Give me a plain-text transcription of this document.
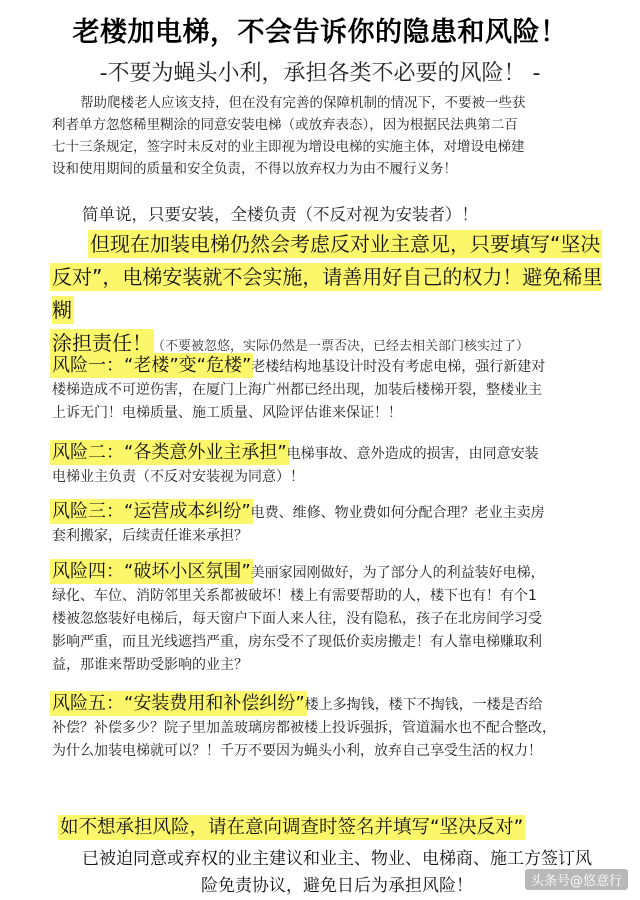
老楼加电梯，不会告诉你的隐患和风险！
-不要为蝇头小利，承担各类不必要的风险！ -
帮助爬楼老人应该支持，但在没有完善的保障机制的情况下，不要被一些获
利者单方忽悠稀里糊涂的同意安装电梯（或放弃表态），因为根据民法典第二百
七十三条规定，签字时未反对的业主即视为增设电梯的实施主体，对增设电梯建
设和使用期间的质量和安全负责，不得以放弃权力为由不履行义务！
简单说，只要安装，全楼负责（不反对视为安装者）！
但现在加装电梯仍然会考虑反对业主意见，只要填写“坚决
反对”，电梯安装就不会实施，请善用好自己的权力！避免稀里糊
涂担责任！（不要被忽悠，实际仍然是一票否决，已经去相关部门核实过了）
风险一：“老楼”变“危楼”老楼结构地基设计时没有考虑电梯，强行新建对
楼梯造成不可逆伤害，在厦门上海广州都已经出现，加装后楼梯开裂，整楼业主
上诉无门！电梯质量、施工质量、风险评估谁来保证！！
风险二：“各类意外业主承担”电梯事故、意外造成的损害，由同意安装
电梯业主负责（不反对安装视为同意）！
风险三：“运营成本纠纷”电费、维修、物业费如何分配合理？老业主卖房
套利搬家，后续责任谁来承担？
风险四：“破坏小区氛围”美丽家园刚做好，为了部分人的利益装好电梯，
绿化、车位、消防邻里关系都被破坏！楼上有需要帮助的人，楼下也有！有个1
楼被忽悠装好电梯后，每天窗户下面人来人往，没有隐私，孩子在北房间学习受
影响严重，而且光线遮挡严重，房东受不了现低价卖房搬走！有人靠电梯赚取利
益，那谁来帮助受影响的业主？
风险五：“安装费用和补偿纠纷”楼上多掏钱，楼下不掏钱，一楼是否给
补偿？补偿多少？院子里加盖玻璃房都被楼上投诉强拆，管道漏水也不配合整改，
为什么加装电梯就可以？！千万不要因为蝇头小利，放弃自己享受生活的权力！
如不想承担风险，请在意向调查时签名并填写“坚决反对”
已被迫同意或弃权的业主建议和业主、物业、电梯商、施工方签订风
险免责协议，避免日后为承担风险！	头条号@悠意行
